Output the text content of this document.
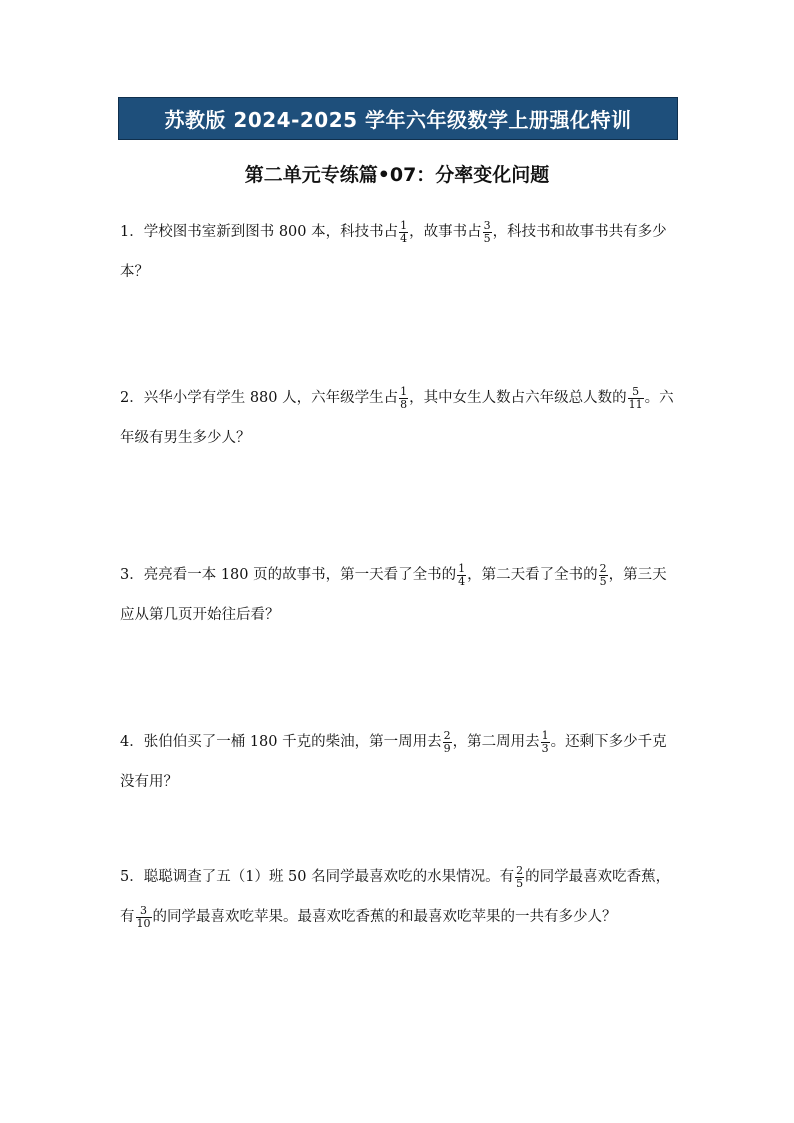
苏教版 2024-2025 学年六年级数学上册强化特训
第二单元专练篇•07：分率变化问题
1．学校图书室新到图书 800 本，科技书占 $\frac{1}{4}$ ，故事书占 $\frac{3}{5}$ ，科技书和故事书共有多少本？
2．兴华小学有学生 880 人，六年级学生占 $\frac{1}{8}$ ，其中女生人数占六年级总人数的 $\frac{5}{11}$ 。六年级有男生多少人？
3．亮亮看一本 180 页的故事书，第一天看了全书的 $\frac{1}{4}$ ，第二天看了全书的 $\frac{2}{5}$ ，第三天应从第几页开始往后看？
4．张伯伯买了一桶 180 千克的柴油，第一周用去 $\frac{2}{9}$ ，第二周用去 $\frac{1}{3}$ 。还剩下多少千克没有用？
5．聪聪调查了五（1）班 50 名同学最喜欢吃的水果情况。有 $\frac{2}{5}$ 的同学最喜欢吃香蕉，有 $\frac{3}{10}$ 的同学最喜欢吃苹果。最喜欢吃香蕉的和最喜欢吃苹果的一共有多少人？
